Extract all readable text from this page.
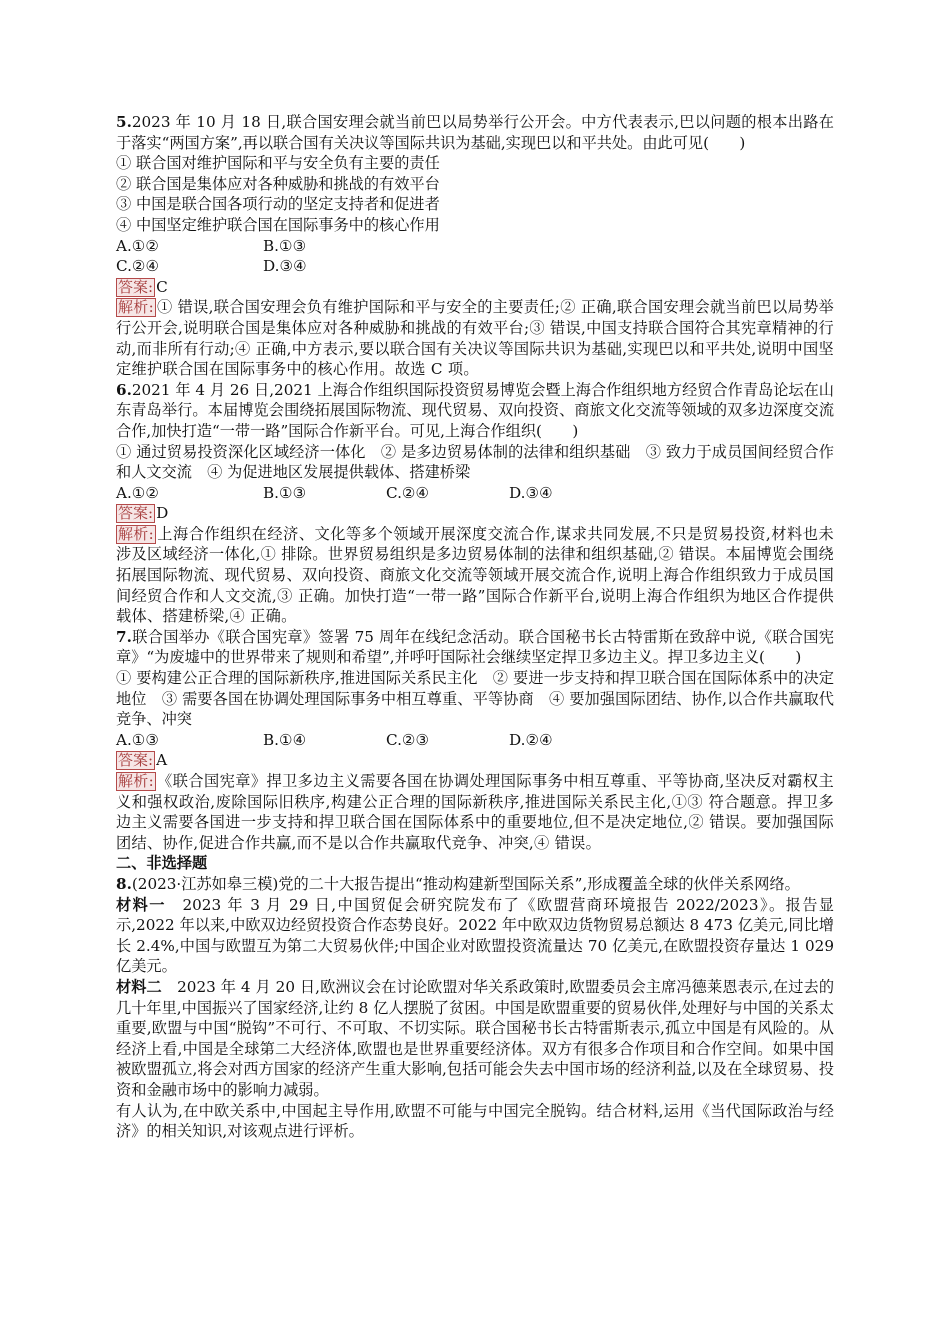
5.2023 年 10 月 18 日,联合国安理会就当前巴以局势举行公开会。中方代表表示,巴以问题的根本出路在于落实“两国方案”,再以联合国有关决议等国际共识为基础,实现巴以和平共处。由此可见(　　)

① 联合国对维护国际和平与安全负有主要的责任

② 联合国是集体应对各种威胁和挑战的有效平台

③ 中国是联合国各项行动的坚定支持者和促进者

④ 中国坚定维护联合国在国际事务中的核心作用

A.①②	B.①③
C.②④	D.③④

答案: C

解析: ① 错误,联合国安理会负有维护国际和平与安全的主要责任;② 正确,联合国安理会就当前巴以局势举行公开会,说明联合国是集体应对各种威胁和挑战的有效平台;③ 错误,中国支持联合国符合其宪章精神的行动,而非所有行动;④ 正确,中方表示,要以联合国有关决议等国际共识为基础,实现巴以和平共处,说明中国坚定维护联合国在国际事务中的核心作用。故选 C 项。

6.2021 年 4 月 26 日,2021 上海合作组织国际投资贸易博览会暨上海合作组织地方经贸合作青岛论坛在山东青岛举行。本届博览会围绕拓展国际物流、现代贸易、双向投资、商旅文化交流等领域的双多边深度交流合作,加快打造“一带一路”国际合作新平台。可见,上海合作组织(　　)

① 通过贸易投资深化区域经济一体化　② 是多边贸易体制的法律和组织基础　③ 致力于成员国间经贸合作和人文交流　④ 为促进地区发展提供载体、搭建桥梁

A.①②	B.①③	C.②④	D.③④

答案: D

解析: 上海合作组织在经济、文化等多个领域开展深度交流合作,谋求共同发展,不只是贸易投资,材料也未涉及区域经济一体化,① 排除。世界贸易组织是多边贸易体制的法律和组织基础,② 错误。本届博览会围绕拓展国际物流、现代贸易、双向投资、商旅文化交流等领域开展交流合作,说明上海合作组织致力于成员国间经贸合作和人文交流,③ 正确。加快打造“一带一路”国际合作新平台,说明上海合作组织为地区合作提供载体、搭建桥梁,④ 正确。

7.联合国举办《联合国宪章》签署 75 周年在线纪念活动。联合国秘书长古特雷斯在致辞中说,《联合国宪章》“为废墟中的世界带来了规则和希望”,并呼吁国际社会继续坚定捍卫多边主义。捍卫多边主义(　　)

① 要构建公正合理的国际新秩序,推进国际关系民主化　② 要进一步支持和捍卫联合国在国际体系中的决定地位　③ 需要各国在协调处理国际事务中相互尊重、平等协商　④ 要加强国际团结、协作,以合作共赢取代竞争、冲突

A.①③	B.①④	C.②③	D.②④

答案: A

解析: 《联合国宪章》捍卫多边主义需要各国在协调处理国际事务中相互尊重、平等协商,坚决反对霸权主义和强权政治,废除国际旧秩序,构建公正合理的国际新秩序,推进国际关系民主化,①③ 符合题意。捍卫多边主义需要各国进一步支持和捍卫联合国在国际体系中的重要地位,但不是决定地位,② 错误。要加强国际团结、协作,促进合作共赢,而不是以合作共赢取代竞争、冲突,④ 错误。

二、非选择题

8.(2023·江苏如皋三模)党的二十大报告提出“推动构建新型国际关系”,形成覆盖全球的伙伴关系网络。

材料一　2023 年 3 月 29 日,中国贸促会研究院发布了《欧盟营商环境报告 2022/2023》。报告显示,2022 年以来,中欧双边经贸投资合作态势良好。2022 年中欧双边货物贸易总额达 8 473 亿美元,同比增长 2.4%,中国与欧盟互为第二大贸易伙伴;中国企业对欧盟投资流量达 70 亿美元,在欧盟投资存量达 1 029 亿美元。

材料二　2023 年 4 月 20 日,欧洲议会在讨论欧盟对华关系政策时,欧盟委员会主席冯德莱恩表示,在过去的几十年里,中国振兴了国家经济,让约 8 亿人摆脱了贫困。中国是欧盟重要的贸易伙伴,处理好与中国的关系太重要,欧盟与中国“脱钩”不可行、不可取、不切实际。联合国秘书长古特雷斯表示,孤立中国是有风险的。从经济上看,中国是全球第二大经济体,欧盟也是世界重要经济体。双方有很多合作项目和合作空间。如果中国被欧盟孤立,将会对西方国家的经济产生重大影响,包括可能会失去中国市场的经济利益,以及在全球贸易、投资和金融市场中的影响力减弱。

有人认为,在中欧关系中,中国起主导作用,欧盟不可能与中国完全脱钩。结合材料,运用《当代国际政治与经济》的相关知识,对该观点进行评析。
